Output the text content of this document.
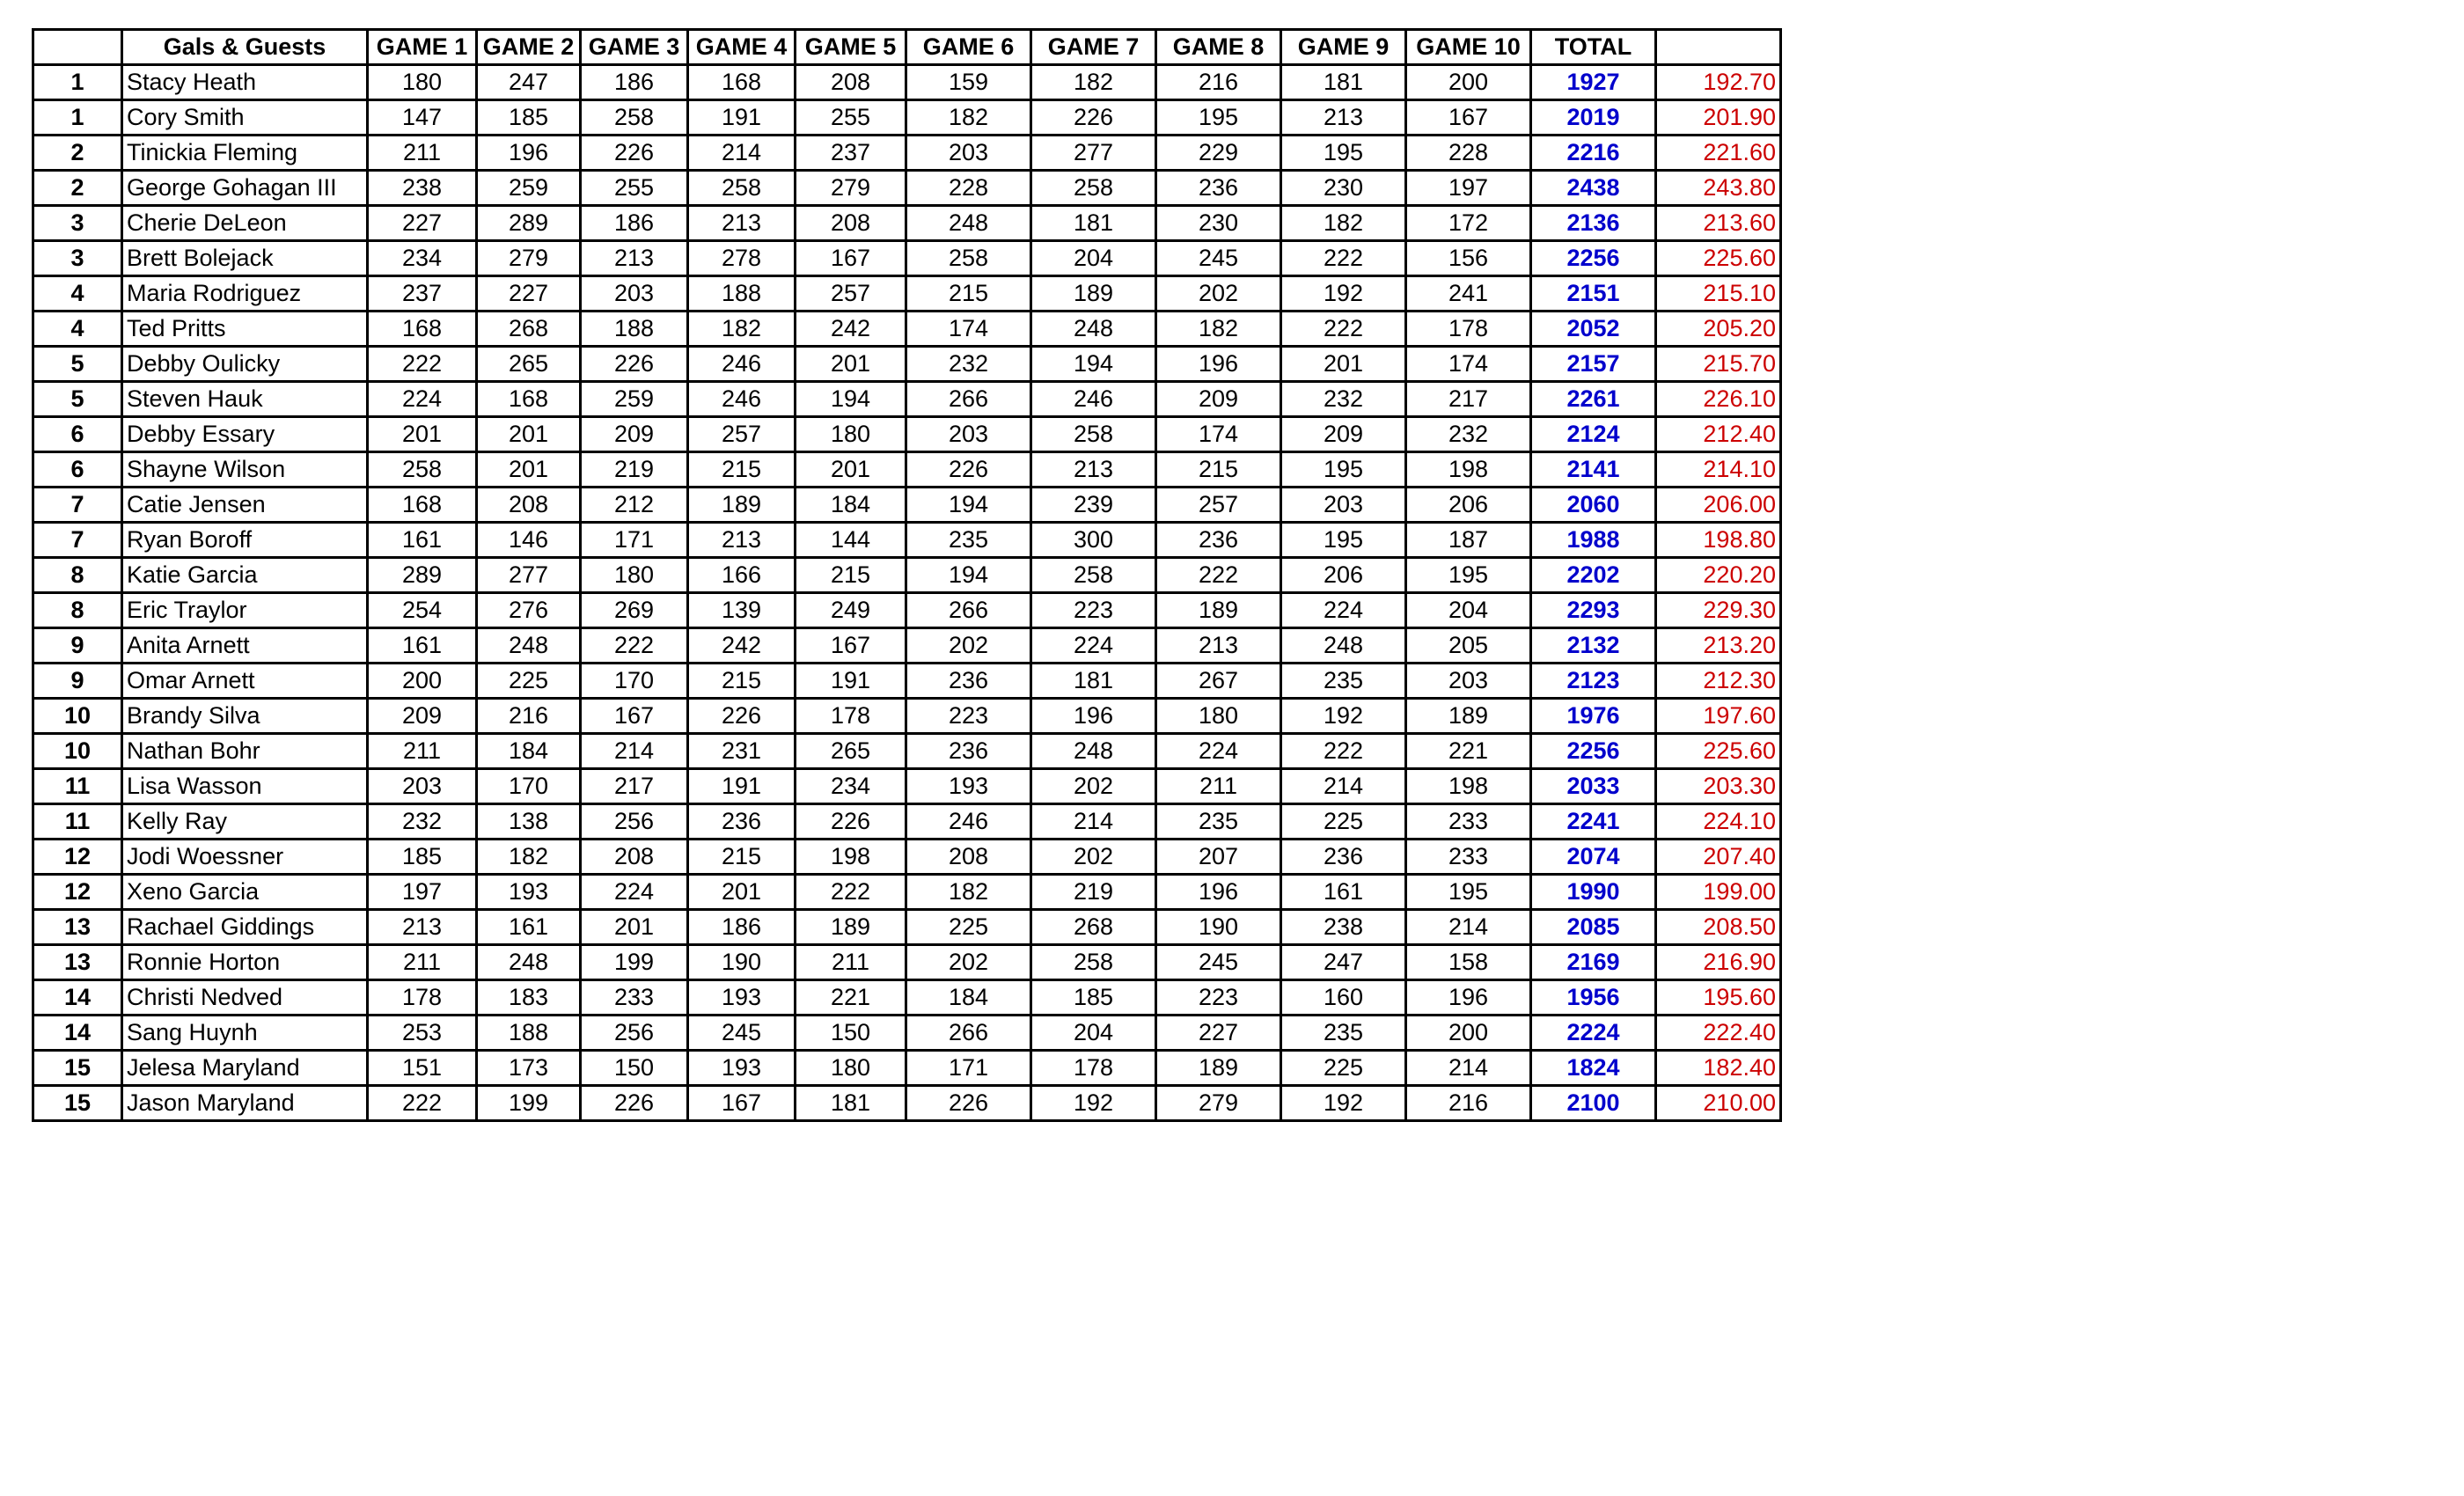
	Gals & Guests	GAME 1	GAME 2	GAME 3	GAME 4	GAME 5	GAME 6	GAME 7	GAME 8	GAME 9	GAME 10	TOTAL	
1	Stacy Heath	180	247	186	168	208	159	182	216	181	200	1927	192.70
1	Cory Smith	147	185	258	191	255	182	226	195	213	167	2019	201.90
2	Tinickia Fleming	211	196	226	214	237	203	277	229	195	228	2216	221.60
2	George Gohagan III	238	259	255	258	279	228	258	236	230	197	2438	243.80
3	Cherie DeLeon	227	289	186	213	208	248	181	230	182	172	2136	213.60
3	Brett Bolejack	234	279	213	278	167	258	204	245	222	156	2256	225.60
4	Maria Rodriguez	237	227	203	188	257	215	189	202	192	241	2151	215.10
4	Ted Pritts	168	268	188	182	242	174	248	182	222	178	2052	205.20
5	Debby Oulicky	222	265	226	246	201	232	194	196	201	174	2157	215.70
5	Steven Hauk	224	168	259	246	194	266	246	209	232	217	2261	226.10
6	Debby Essary	201	201	209	257	180	203	258	174	209	232	2124	212.40
6	Shayne Wilson	258	201	219	215	201	226	213	215	195	198	2141	214.10
7	Catie Jensen	168	208	212	189	184	194	239	257	203	206	2060	206.00
7	Ryan Boroff	161	146	171	213	144	235	300	236	195	187	1988	198.80
8	Katie Garcia	289	277	180	166	215	194	258	222	206	195	2202	220.20
8	Eric Traylor	254	276	269	139	249	266	223	189	224	204	2293	229.30
9	Anita Arnett	161	248	222	242	167	202	224	213	248	205	2132	213.20
9	Omar Arnett	200	225	170	215	191	236	181	267	235	203	2123	212.30
10	Brandy Silva	209	216	167	226	178	223	196	180	192	189	1976	197.60
10	Nathan Bohr	211	184	214	231	265	236	248	224	222	221	2256	225.60
11	Lisa Wasson	203	170	217	191	234	193	202	211	214	198	2033	203.30
11	Kelly Ray	232	138	256	236	226	246	214	235	225	233	2241	224.10
12	Jodi Woessner	185	182	208	215	198	208	202	207	236	233	2074	207.40
12	Xeno Garcia	197	193	224	201	222	182	219	196	161	195	1990	199.00
13	Rachael Giddings	213	161	201	186	189	225	268	190	238	214	2085	208.50
13	Ronnie Horton	211	248	199	190	211	202	258	245	247	158	2169	216.90
14	Christi Nedved	178	183	233	193	221	184	185	223	160	196	1956	195.60
14	Sang Huynh	253	188	256	245	150	266	204	227	235	200	2224	222.40
15	Jelesa Maryland	151	173	150	193	180	171	178	189	225	214	1824	182.40
15	Jason Maryland	222	199	226	167	181	226	192	279	192	216	2100	210.00
